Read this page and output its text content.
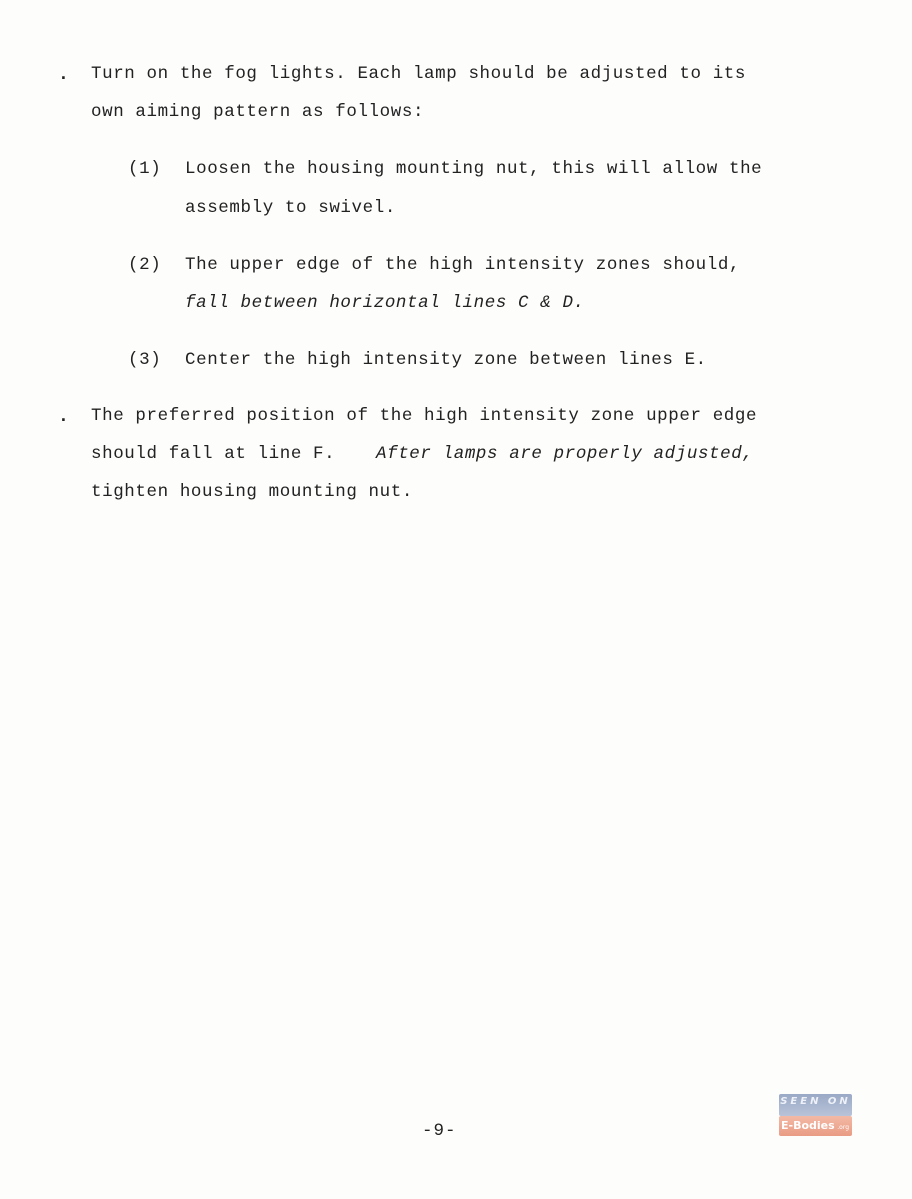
. Turn on the fog lights. Each lamp should be adjusted to its
own aiming pattern as follows:
(1) Loosen the housing mounting nut, this will allow the
assembly to swivel.
(2) The upper edge of the high intensity zones should,
fall between horizontal lines C & D.
(3) Center the high intensity zone between lines E.
. The preferred position of the high intensity zone upper edge
should fall at line F. After lamps are properly adjusted,
tighten housing mounting nut.
-9-
SEEN ON
E-Bodies .org
